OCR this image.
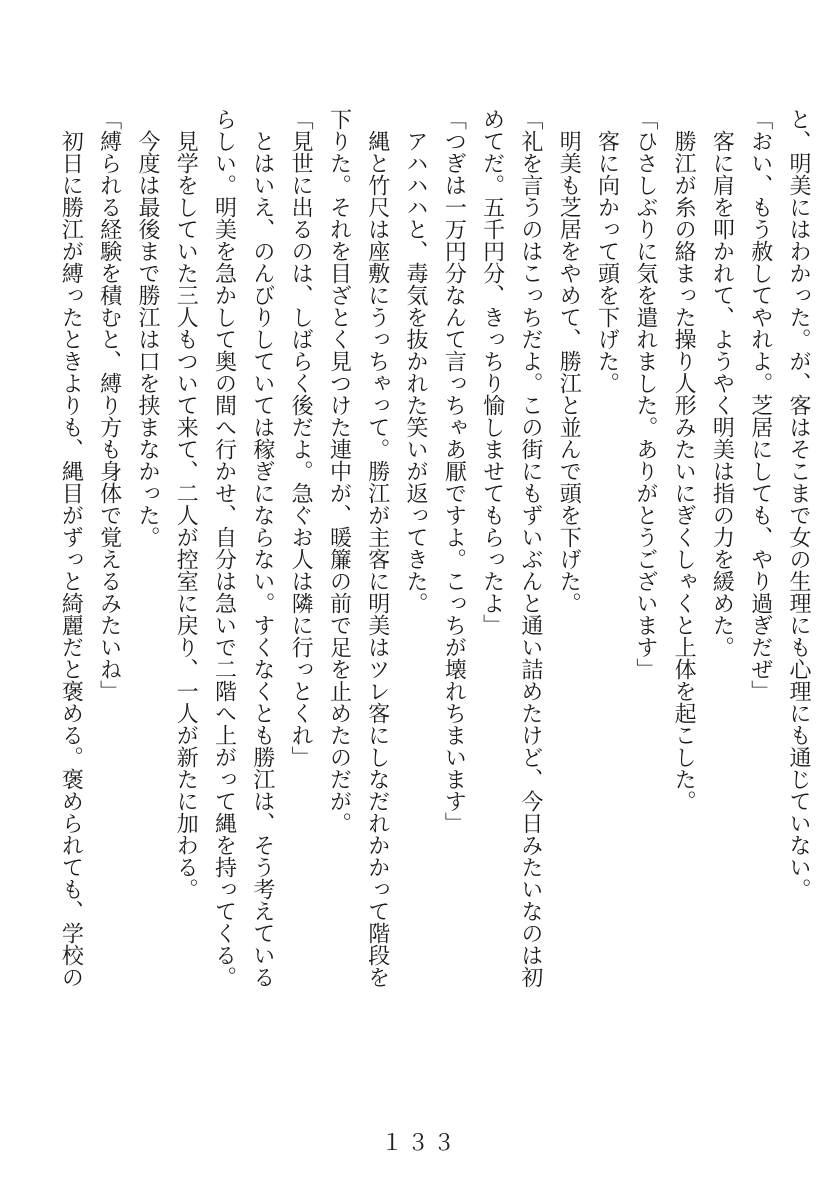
と、明美にはわかった。が、客はそこまで女の生理にも心理にも通じていない。
「おい、もう赦してやれよ。芝居にしても、やり過ぎだぜ」
　客に肩を叩かれて、ようやく明美は指の力を緩めた。
　勝江が糸の絡まった操り人形みたいにぎくしゃくと上体を起こした。
「ひさしぶりに気を遣れました。ありがとうございます」
　客に向かって頭を下げた。
　明美も芝居をやめて、勝江と並んで頭を下げた。
「礼を言うのはこっちだよ。この街にもずいぶんと通い詰めたけど、今日みたいなのは初
めてだ。五千円分、きっちり愉しませてもらったよ」
「つぎは一万円分なんて言っちゃあ厭ですよ。こっちが壊れちまいます」
　アハハハと、毒気を抜かれた笑いが返ってきた。
　縄と竹尺は座敷にうっちゃって。勝江が主客に明美はツレ客にしなだれかかって階段を
下りた。それを目ざとく見つけた連中が、暖簾の前で足を止めたのだが。
「見世に出るのは、しばらく後だよ。急ぐお人は隣に行っとくれ」
　とはいえ、のんびりしていては稼ぎにならない。すくなくとも勝江は、そう考えている
らしい。明美を急かして奥の間へ行かせ、自分は急いで二階へ上がって縄を持ってくる。
　見学をしていた三人もついて来て、二人が控室に戻り、一人が新たに加わる。
　今度は最後まで勝江は口を挟まなかった。
「縛られる経験を積むと、縛り方も身体で覚えるみたいね」
　初日に勝江が縛ったときよりも、縄目がずっと綺麗だと褒める。褒められても、学校の
１３３
